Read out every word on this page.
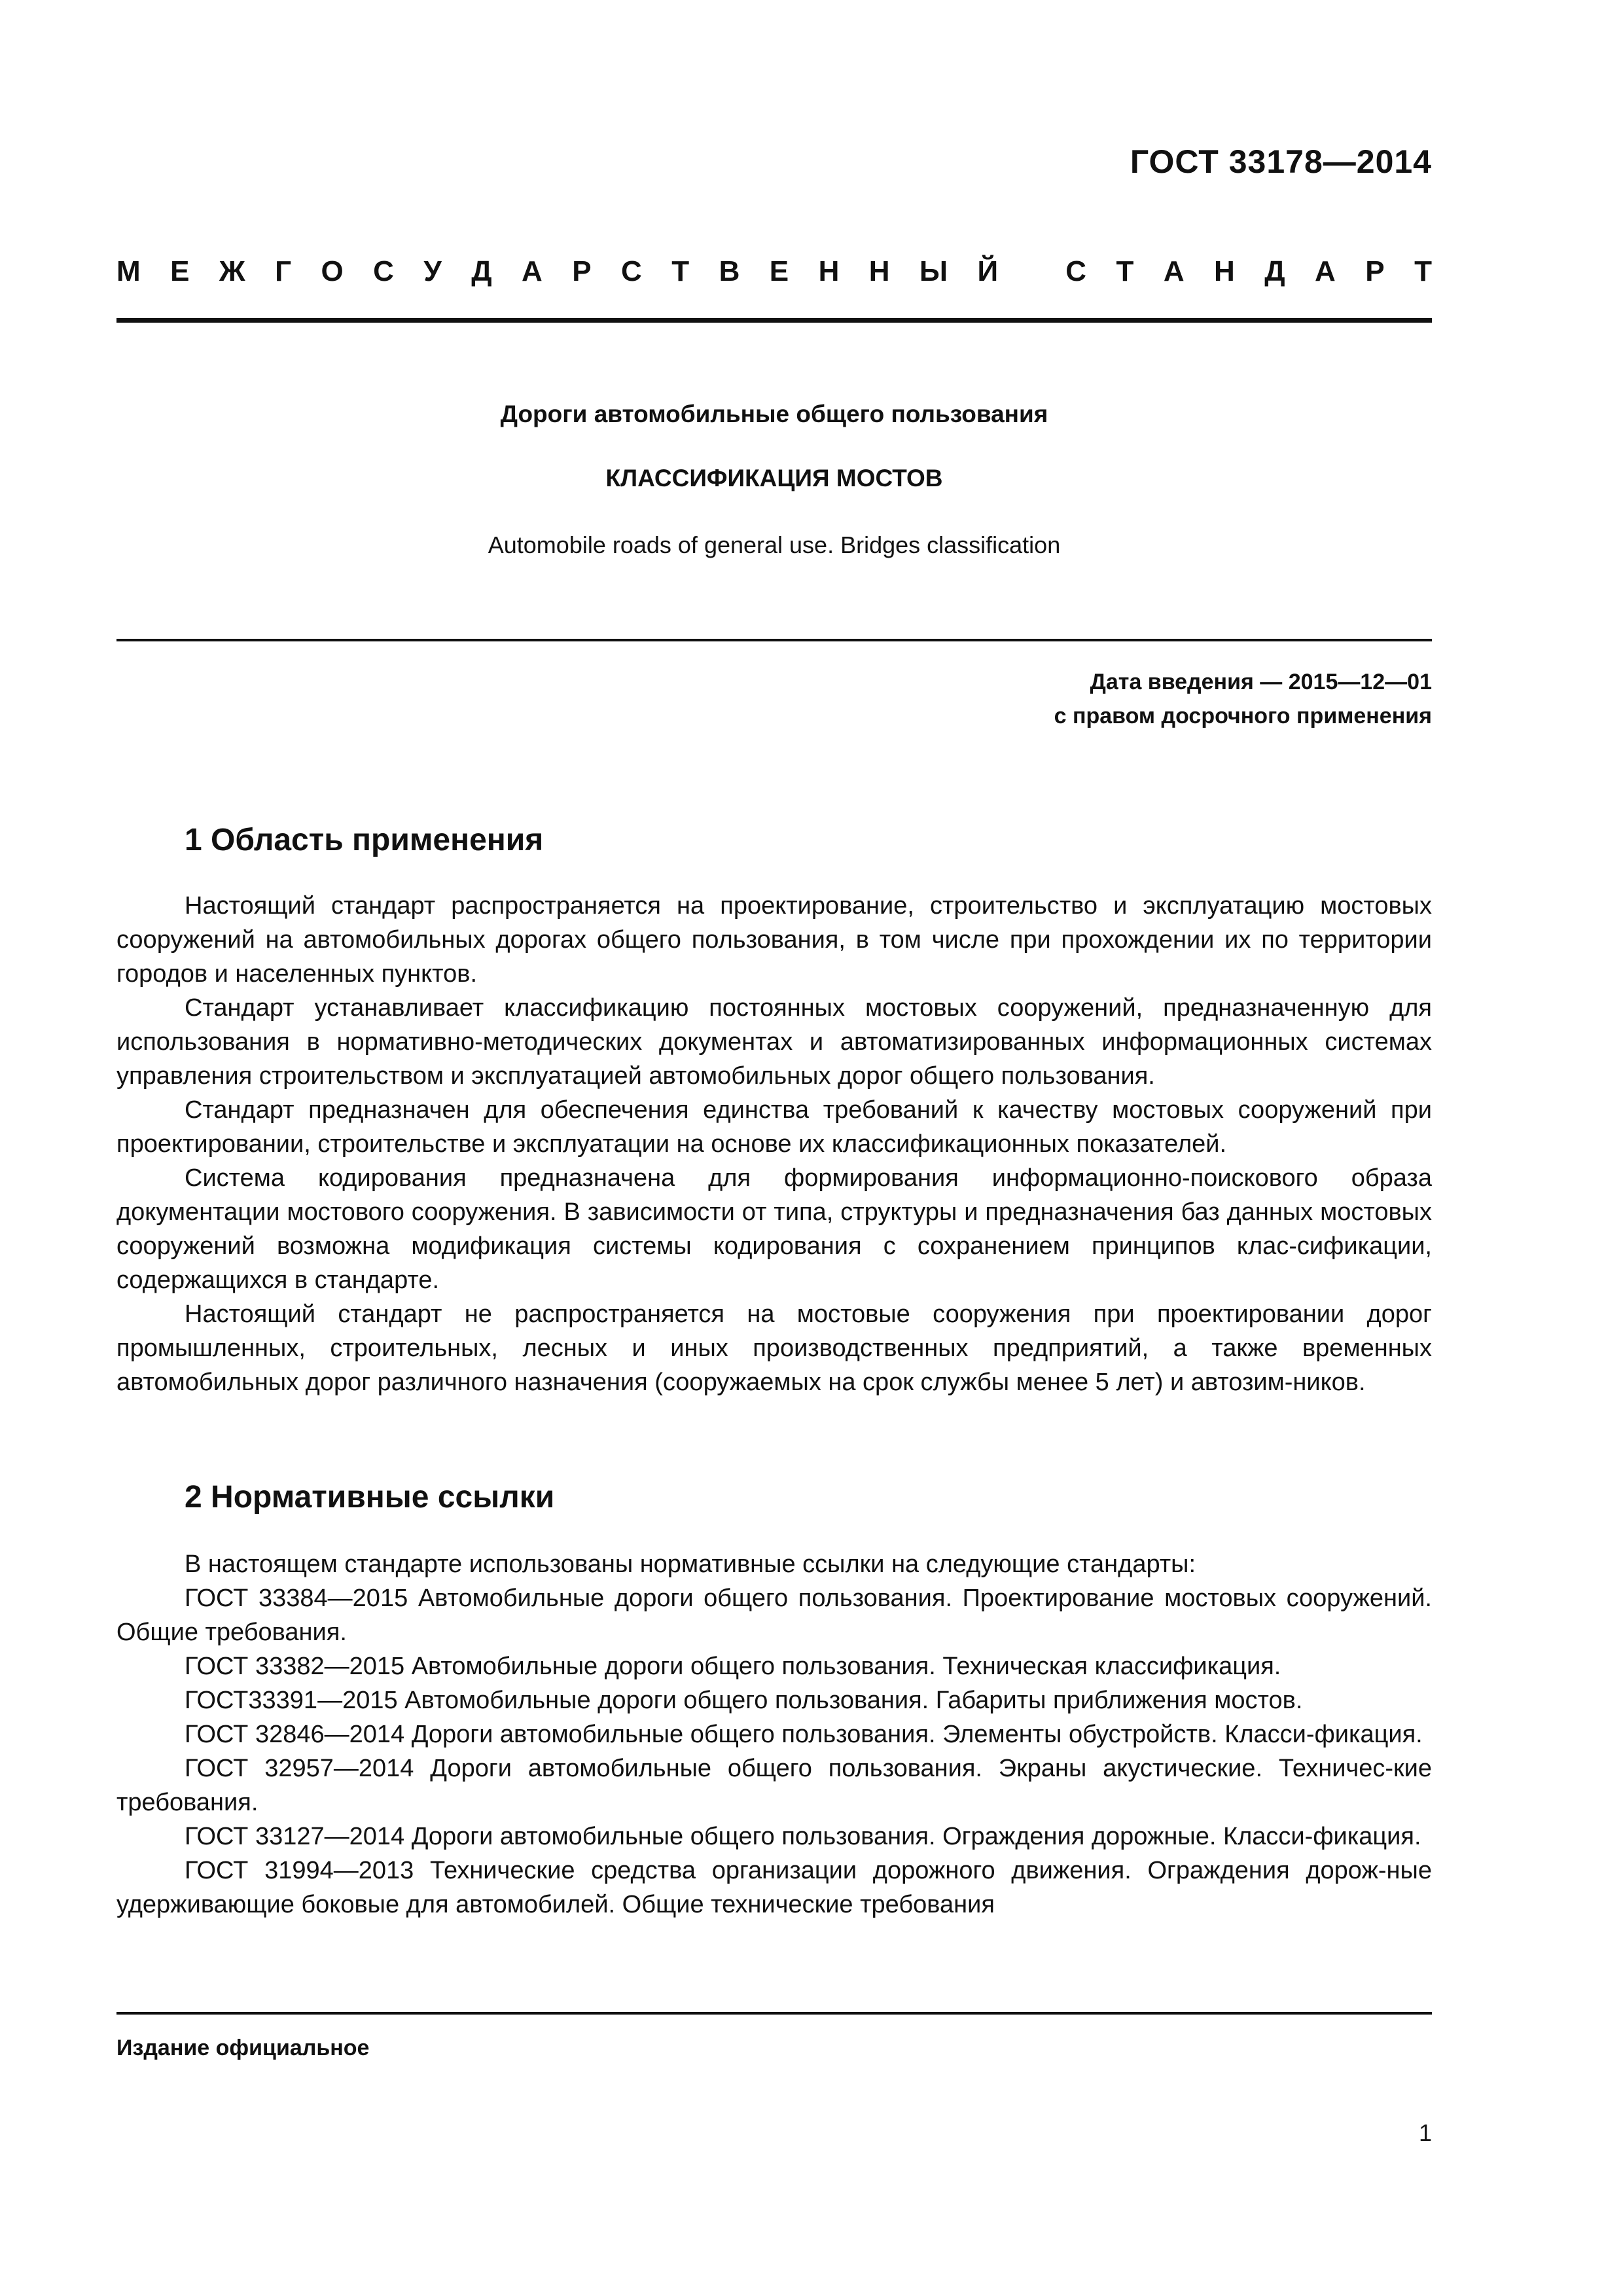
ГОСТ 33178—2014
М Е Ж Г О С У Д А Р С Т В Е Н Н Ы Й
С Т А Н Д А Р Т
Дороги автомобильные общего пользования
КЛАССИФИКАЦИЯ МОСТОВ
Automobile roads of general use. Bridges classification
Дата введения — 2015—12—01
с правом досрочного применения
1 Область применения

Настоящий стандарт распространяется на проектирование, строительство и эксплуатацию мостовых сооружений на автомобильных дорогах общего пользования, в том числе при прохождении их по территории городов и населенных пунктов.

Стандарт устанавливает классификацию постоянных мостовых сооружений, предназначенную для использования в нормативно-методических документах и автоматизированных информационных системах управления строительством и эксплуатацией автомобильных дорог общего пользования.

Стандарт предназначен для обеспечения единства требований к качеству мостовых сооружений при проектировании, строительстве и эксплуатации на основе их классификационных показателей.

Система кодирования предназначена для формирования информационно-поискового образа документации мостового сооружения. В зависимости от типа, структуры и предназначения баз данных мостовых сооружений возможна модификация системы кодирования с сохранением принципов клас-сификации, содержащихся в стандарте.

Настоящий стандарт не распространяется на мостовые сооружения при проектировании дорог промышленных, строительных, лесных и иных производственных предприятий, а также временных автомобильных дорог различного назначения (сооружаемых на срок службы менее 5 лет) и автозим-ников.

2 Нормативные ссылки

В настоящем стандарте использованы нормативные ссылки на следующие стандарты:

ГОСТ 33384—2015 Автомобильные дороги общего пользования. Проектирование мостовых сооружений. Общие требования.

ГОСТ 33382—2015 Автомобильные дороги общего пользования. Техническая классификация.

ГОСТ33391—2015 Автомобильные дороги общего пользования. Габариты приближения мостов.

ГОСТ 32846—2014 Дороги автомобильные общего пользования. Элементы обустройств. Класси-фикация.

ГОСТ 32957—2014 Дороги автомобильные общего пользования. Экраны акустические. Техничес-кие требования.

ГОСТ 33127—2014 Дороги автомобильные общего пользования. Ограждения дорожные. Класси-фикация.

ГОСТ 31994—2013 Технические средства организации дорожного движения. Ограждения дорож-ные удерживающие боковые для автомобилей. Общие технические требования

Издание официальное
1
